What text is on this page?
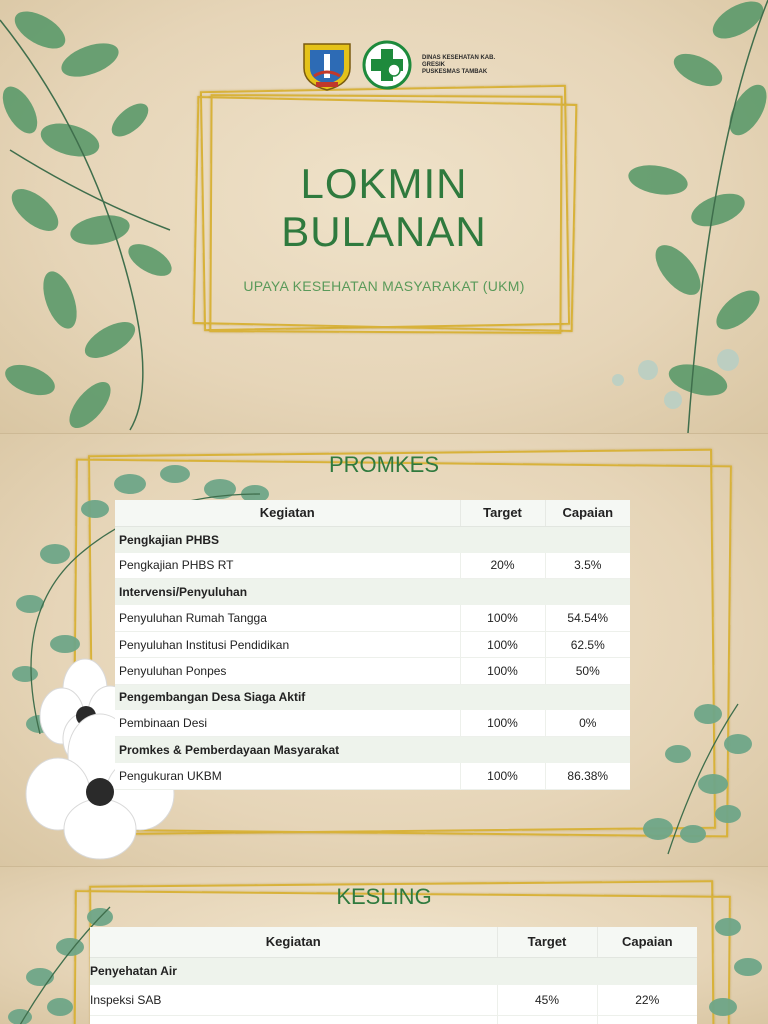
DINAS KESEHATAN KAB.
GRESIK
PUSKESMAS TAMBAK
LOKMIN
BULANAN
UPAYA KESEHATAN MASYARAKAT (UKM)
PROMKES
Kegiatan	Target	Capaian
Pengkajian PHBS		
Pengkajian PHBS RT	20%	3.5%
Intervensi/Penyuluhan		
Penyuluhan Rumah Tangga	100%	54.54%
Penyuluhan Institusi Pendidikan	100%	62.5%
Penyuluhan Ponpes	100%	50%
Pengembangan Desa Siaga Aktif		
Pembinaan Desi	100%	0%
Promkes & Pemberdayaan Masyarakat		
Pengukuran UKBM	100%	86.38%
KESLING
Kegiatan	Target	Capaian
Penyehatan Air		
Inspeksi SAB	45%	22%
